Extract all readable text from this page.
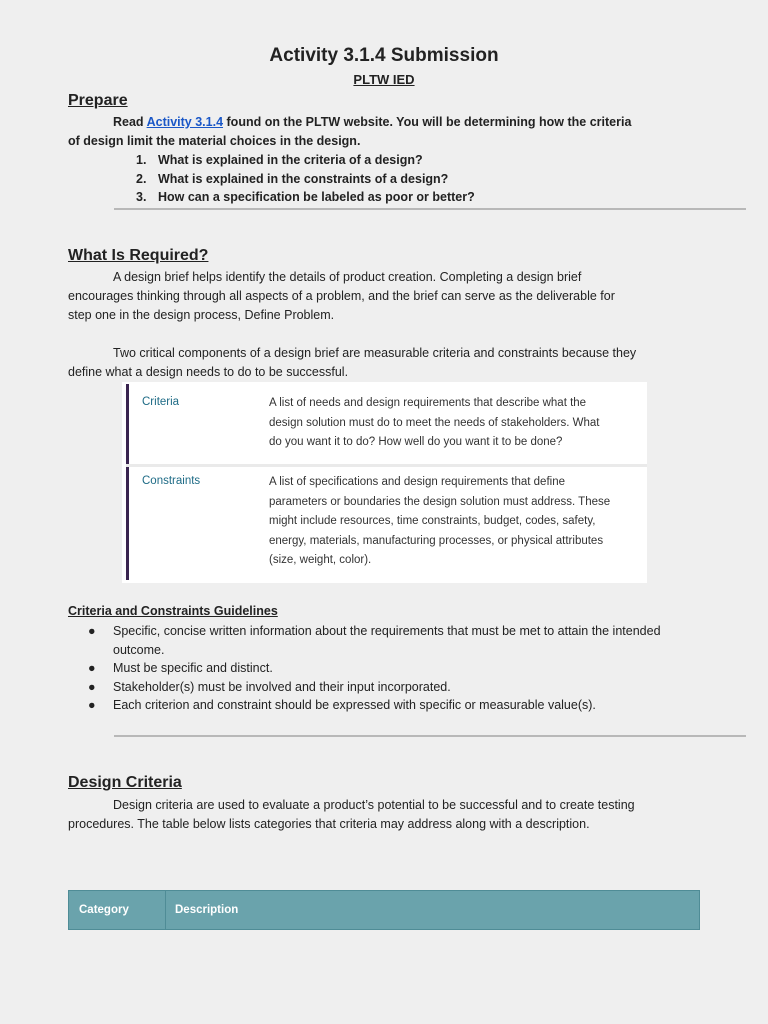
Activity 3.1.4 Submission
PLTW IED
Prepare
Read Activity 3.1.4 found on the PLTW website. You will be determining how the criteria
of design limit the material choices in the design.
1. What is explained in the criteria of a design?
2. What is explained in the constraints of a design?
3. How can a specification be labeled as poor or better?
What Is Required?
A design brief helps identify the details of product creation. Completing a design brief
encourages thinking through all aspects of a problem, and the brief can serve as the deliverable for
step one in the design process, Define Problem.
Two critical components of a design brief are measurable criteria and constraints because they
define what a design needs to do to be successful.
Criteria	A list of needs and design requirements that describe what the
design solution must do to meet the needs of stakeholders. What
do you want it to do? How well do you want it to be done?
Constraints	A list of specifications and design requirements that define
parameters or boundaries the design solution must address. These
might include resources, time constraints, budget, codes, safety,
energy, materials, manufacturing processes, or physical attributes
(size, weight, color).
Criteria and Constraints Guidelines
● Specific, concise written information about the requirements that must be met to attain the intended outcome.
● Must be specific and distinct.
● Stakeholder(s) must be involved and their input incorporated.
● Each criterion and constraint should be expressed with specific or measurable value(s).
Design Criteria
Design criteria are used to evaluate a product’s potential to be successful and to create testing
procedures. The table below lists categories that criteria may address along with a description.
Category	Description
